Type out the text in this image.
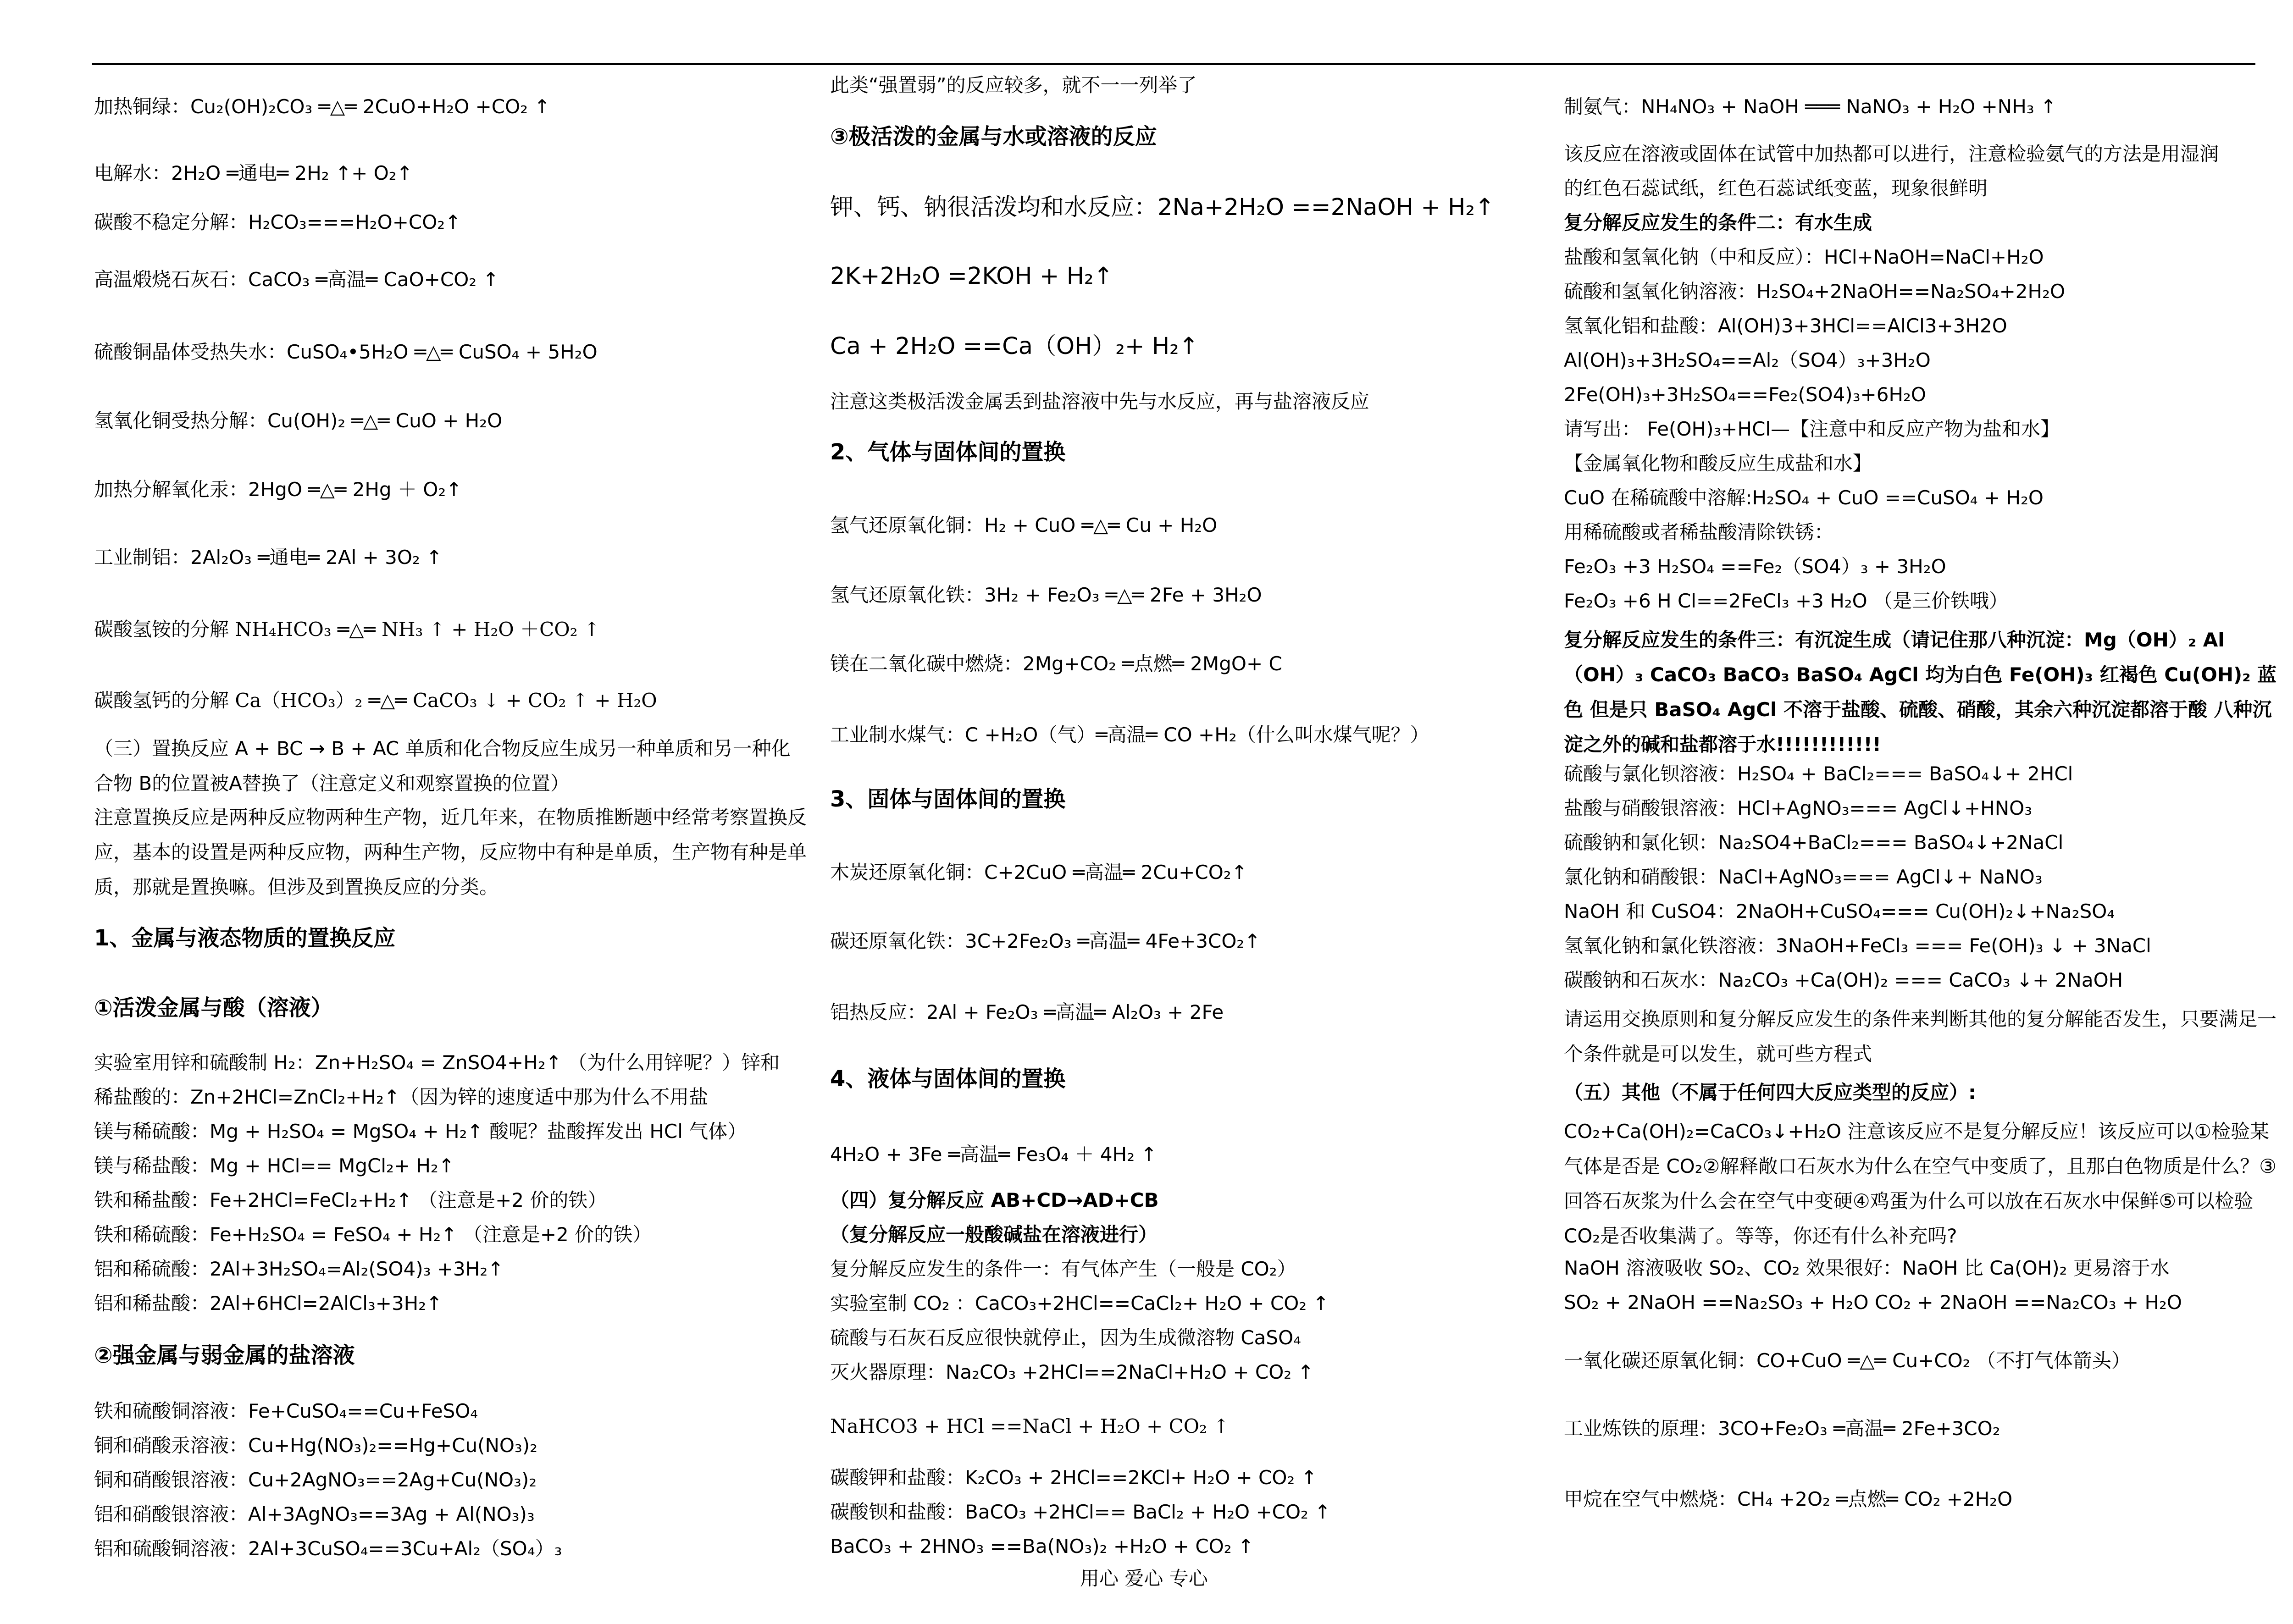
加热铜绿：Cu₂(OH)₂CO₃ ═△═ 2CuO+H₂O +CO₂ ↑
电解水：2H₂O ═通电═ 2H₂ ↑+ O₂↑
碳酸不稳定分解：H₂CO₃===H₂O+CO₂↑
高温煅烧石灰石：CaCO₃ ═高温═ CaO+CO₂ ↑
硫酸铜晶体受热失水：CuSO₄•5H₂O ═△═ CuSO₄ + 5H₂O
氢氧化铜受热分解：Cu(OH)₂ ═△═ CuO + H₂O
加热分解氧化汞：2HgO ═△═ 2Hg ＋ O₂↑
工业制铝：2Al₂O₃ ═通电═ 2Al + 3O₂ ↑
碳酸氢铵的分解 NH₄HCO₃ ═△═ NH₃ ↑ + H₂O ＋CO₂ ↑
碳酸氢钙的分解 Ca（HCO₃）₂ ═△═ CaCO₃ ↓ + CO₂ ↑ + H₂O
（三）置换反应 A + BC → B + AC 单质和化合物反应生成另一种单质和另一种化合物 B的位置被A替换了（注意定义和观察置换的位置）
注意置换反应是两种反应物两种生产物，近几年来，在物质推断题中经常考察置换反应，基本的设置是两种反应物，两种生产物，反应物中有种是单质，生产物有种是单质，那就是置换嘛。但涉及到置换反应的分类。
1、金属与液态物质的置换反应
①活泼金属与酸（溶液）
实验室用锌和硫酸制 H₂：Zn+H₂SO₄ = ZnSO4+H₂↑ （为什么用锌呢？）锌和
稀盐酸的：Zn+2HCl=ZnCl₂+H₂↑（因为锌的速度适中那为什么不用盐
镁与稀硫酸：Mg + H₂SO₄ = MgSO₄ + H₂↑ 酸呢？盐酸挥发出 HCl 气体）
镁与稀盐酸：Mg + HCl== MgCl₂+ H₂↑
铁和稀盐酸：Fe+2HCl=FeCl₂+H₂↑ （注意是+2 价的铁）
铁和稀硫酸：Fe+H₂SO₄ = FeSO₄ + H₂↑ （注意是+2 价的铁）
铝和稀硫酸：2Al+3H₂SO₄=Al₂(SO4)₃ +3H₂↑
铝和稀盐酸：2Al+6HCl=2AlCl₃+3H₂↑
②强金属与弱金属的盐溶液
铁和硫酸铜溶液：Fe+CuSO₄==Cu+FeSO₄
铜和硝酸汞溶液：Cu+Hg(NO₃)₂==Hg+Cu(NO₃)₂
铜和硝酸银溶液：Cu+2AgNO₃==2Ag+Cu(NO₃)₂
铝和硝酸银溶液：Al+3AgNO₃==3Ag + Al(NO₃)₃
铝和硫酸铜溶液：2Al+3CuSO₄==3Cu+Al₂（SO₄）₃
此类“强置弱”的反应较多，就不一一列举了
③极活泼的金属与水或溶液的反应
钾、钙、钠很活泼均和水反应：2Na+2H₂O ==2NaOH + H₂↑
2K+2H₂O =2KOH + H₂↑
Ca + 2H₂O ==Ca（OH）₂+ H₂↑
注意这类极活泼金属丢到盐溶液中先与水反应，再与盐溶液反应
2、气体与固体间的置换
氢气还原氧化铜：H₂ + CuO ═△═ Cu + H₂O
氢气还原氧化铁：3H₂ + Fe₂O₃ ═△═ 2Fe + 3H₂O
镁在二氧化碳中燃烧：2Mg+CO₂ ═点燃═ 2MgO+ C
工业制水煤气：C +H₂O（气）═高温═ CO +H₂（什么叫水煤气呢？）
3、固体与固体间的置换
木炭还原氧化铜：C+2CuO ═高温═ 2Cu+CO₂↑
碳还原氧化铁：3C+2Fe₂O₃ ═高温═ 4Fe+3CO₂↑
铝热反应：2Al + Fe₂O₃ ═高温═ Al₂O₃ + 2Fe
4、液体与固体间的置换
4H₂O + 3Fe ═高温═ Fe₃O₄ ＋ 4H₂ ↑
（四）复分解反应 AB+CD→AD+CB
（复分解反应一般酸碱盐在溶液进行）
复分解反应发生的条件一：有气体产生（一般是 CO₂）
实验室制 CO₂ ：CaCO₃+2HCl==CaCl₂+ H₂O + CO₂ ↑
硫酸与石灰石反应很快就停止，因为生成微溶物 CaSO₄
灭火器原理：Na₂CO₃ +2HCl==2NaCl+H₂O + CO₂ ↑
NaHCO3 + HCl ==NaCl + H₂O + CO₂ ↑
碳酸钾和盐酸：K₂CO₃ + 2HCl==2KCl+ H₂O + CO₂ ↑
碳酸钡和盐酸：BaCO₃ +2HCl== BaCl₂ + H₂O +CO₂ ↑
BaCO₃ + 2HNO₃ ==Ba(NO₃)₂ +H₂O + CO₂ ↑
制氨气：NH₄NO₃ + NaOH ═══ NaNO₃ + H₂O +NH₃ ↑
该反应在溶液或固体在试管中加热都可以进行，注意检验氨气的方法是用湿润
的红色石蕊试纸，红色石蕊试纸变蓝，现象很鲜明
复分解反应发生的条件二：有水生成
盐酸和氢氧化钠（中和反应）：HCl+NaOH=NaCl+H₂O
硫酸和氢氧化钠溶液：H₂SO₄+2NaOH==Na₂SO₄+2H₂O
氢氧化铝和盐酸：Al(OH)3+3HCl==AlCl3+3H2O
Al(OH)₃+3H₂SO₄==Al₂（SO4）₃+3H₂O
2Fe(OH)₃+3H₂SO₄==Fe₂(SO4)₃+6H₂O
请写出： Fe(OH)₃+HCl—【注意中和反应产物为盐和水】
【金属氧化物和酸反应生成盐和水】
CuO 在稀硫酸中溶解:H₂SO₄ + CuO ==CuSO₄ + H₂O
用稀硫酸或者稀盐酸清除铁锈：
Fe₂O₃ +3 H₂SO₄ ==Fe₂（SO4）₃ + 3H₂O
Fe₂O₃ +6 H Cl==2FeCl₃ +3 H₂O （是三价铁哦）
复分解反应发生的条件三：有沉淀生成（请记住那八种沉淀：Mg（OH）₂ Al（OH）₃ CaCO₃ BaCO₃ BaSO₄ AgCl 均为白色 Fe(OH)₃ 红褐色 Cu(OH)₂ 蓝色 但是只 BaSO₄ AgCl 不溶于盐酸、硫酸、硝酸，其余六种沉淀都溶于酸 八种沉淀之外的碱和盐都溶于水!!!!!!!!!!!!
硫酸与氯化钡溶液：H₂SO₄ + BaCl₂=== BaSO₄↓+ 2HCl
盐酸与硝酸银溶液：HCl+AgNO₃=== AgCl↓+HNO₃
硫酸钠和氯化钡：Na₂SO4+BaCl₂=== BaSO₄↓+2NaCl
氯化钠和硝酸银：NaCl+AgNO₃=== AgCl↓+ NaNO₃
NaOH 和 CuSO4：2NaOH+CuSO₄=== Cu(OH)₂↓+Na₂SO₄
氢氧化钠和氯化铁溶液：3NaOH+FeCl₃ === Fe(OH)₃ ↓ + 3NaCl
碳酸钠和石灰水：Na₂CO₃ +Ca(OH)₂ === CaCO₃ ↓+ 2NaOH
请运用交换原则和复分解反应发生的条件来判断其他的复分解能否发生，只要满足一个条件就是可以发生，就可些方程式
（五）其他（不属于任何四大反应类型的反应）:
CO₂+Ca(OH)₂=CaCO₃↓+H₂O 注意该反应不是复分解反应！该反应可以①检验某气体是否是 CO₂②解释敞口石灰水为什么在空气中变质了，且那白色物质是什么？③回答石灰浆为什么会在空气中变硬④鸡蛋为什么可以放在石灰水中保鲜⑤可以检验 CO₂是否收集满了。等等，你还有什么补充吗?
NaOH 溶液吸收 SO₂、CO₂ 效果很好：NaOH 比 Ca(OH)₂ 更易溶于水
SO₂ + 2NaOH ==Na₂SO₃ + H₂O CO₂ + 2NaOH ==Na₂CO₃ + H₂O
一氧化碳还原氧化铜：CO+CuO ═△═ Cu+CO₂ （不打气体箭头）
工业炼铁的原理：3CO+Fe₂O₃ ═高温═ 2Fe+3CO₂
甲烷在空气中燃烧：CH₄ +2O₂ ═点燃═ CO₂ +2H₂O
用心 爱心 专心
